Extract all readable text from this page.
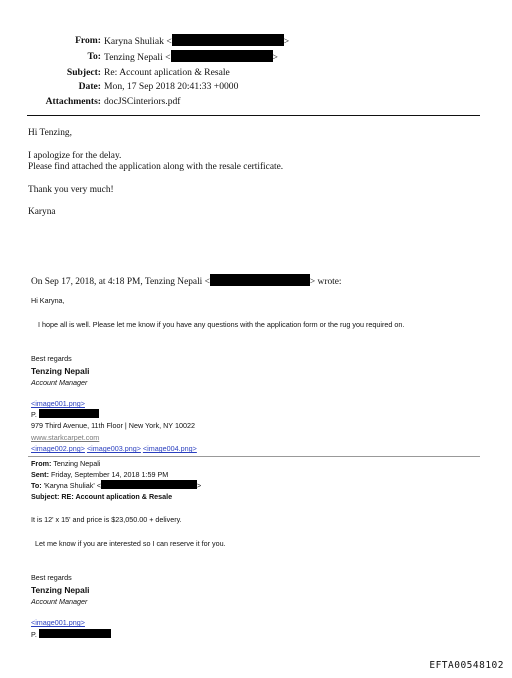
From: Karyna Shuliak <	>
To: Tenzing Nepali <	>
Subject: Re: Account aplication & Resale
Date: Mon, 17 Sep 2018 20:41:33 +0000
Attachments: docJSCinteriors.pdf

Hi Tenzing,

I apologize for the delay.
Please find attached the application along with the resale certificate.

Thank you very much!

Karyna

On Sep 17, 2018, at 4:18 PM, Tenzing Nepali <	> wrote:
Hi Karyna,
I hope all is well. Please let me know if you have any questions with the application form or the rug you required on.
Best regards
Tenzing Nepali
Account Manager
<image001.png>
P.
979 Third Avenue, 11th Floor | New York, NY 10022
www.starkcarpet.com
<image002.png> <image003.png> <image004.png>
From: Tenzing Nepali
Sent: Friday, September 14, 2018 1:59 PM
To: 'Karyna Shuliak' <	>
Subject: RE: Account aplication & Resale
It is 12' x 15' and price is $23,050.00 + delivery.
Let me know if you are interested so I can reserve it for you.
Best regards
Tenzing Nepali
Account Manager
<image001.png>
P.
EFTA00548102
